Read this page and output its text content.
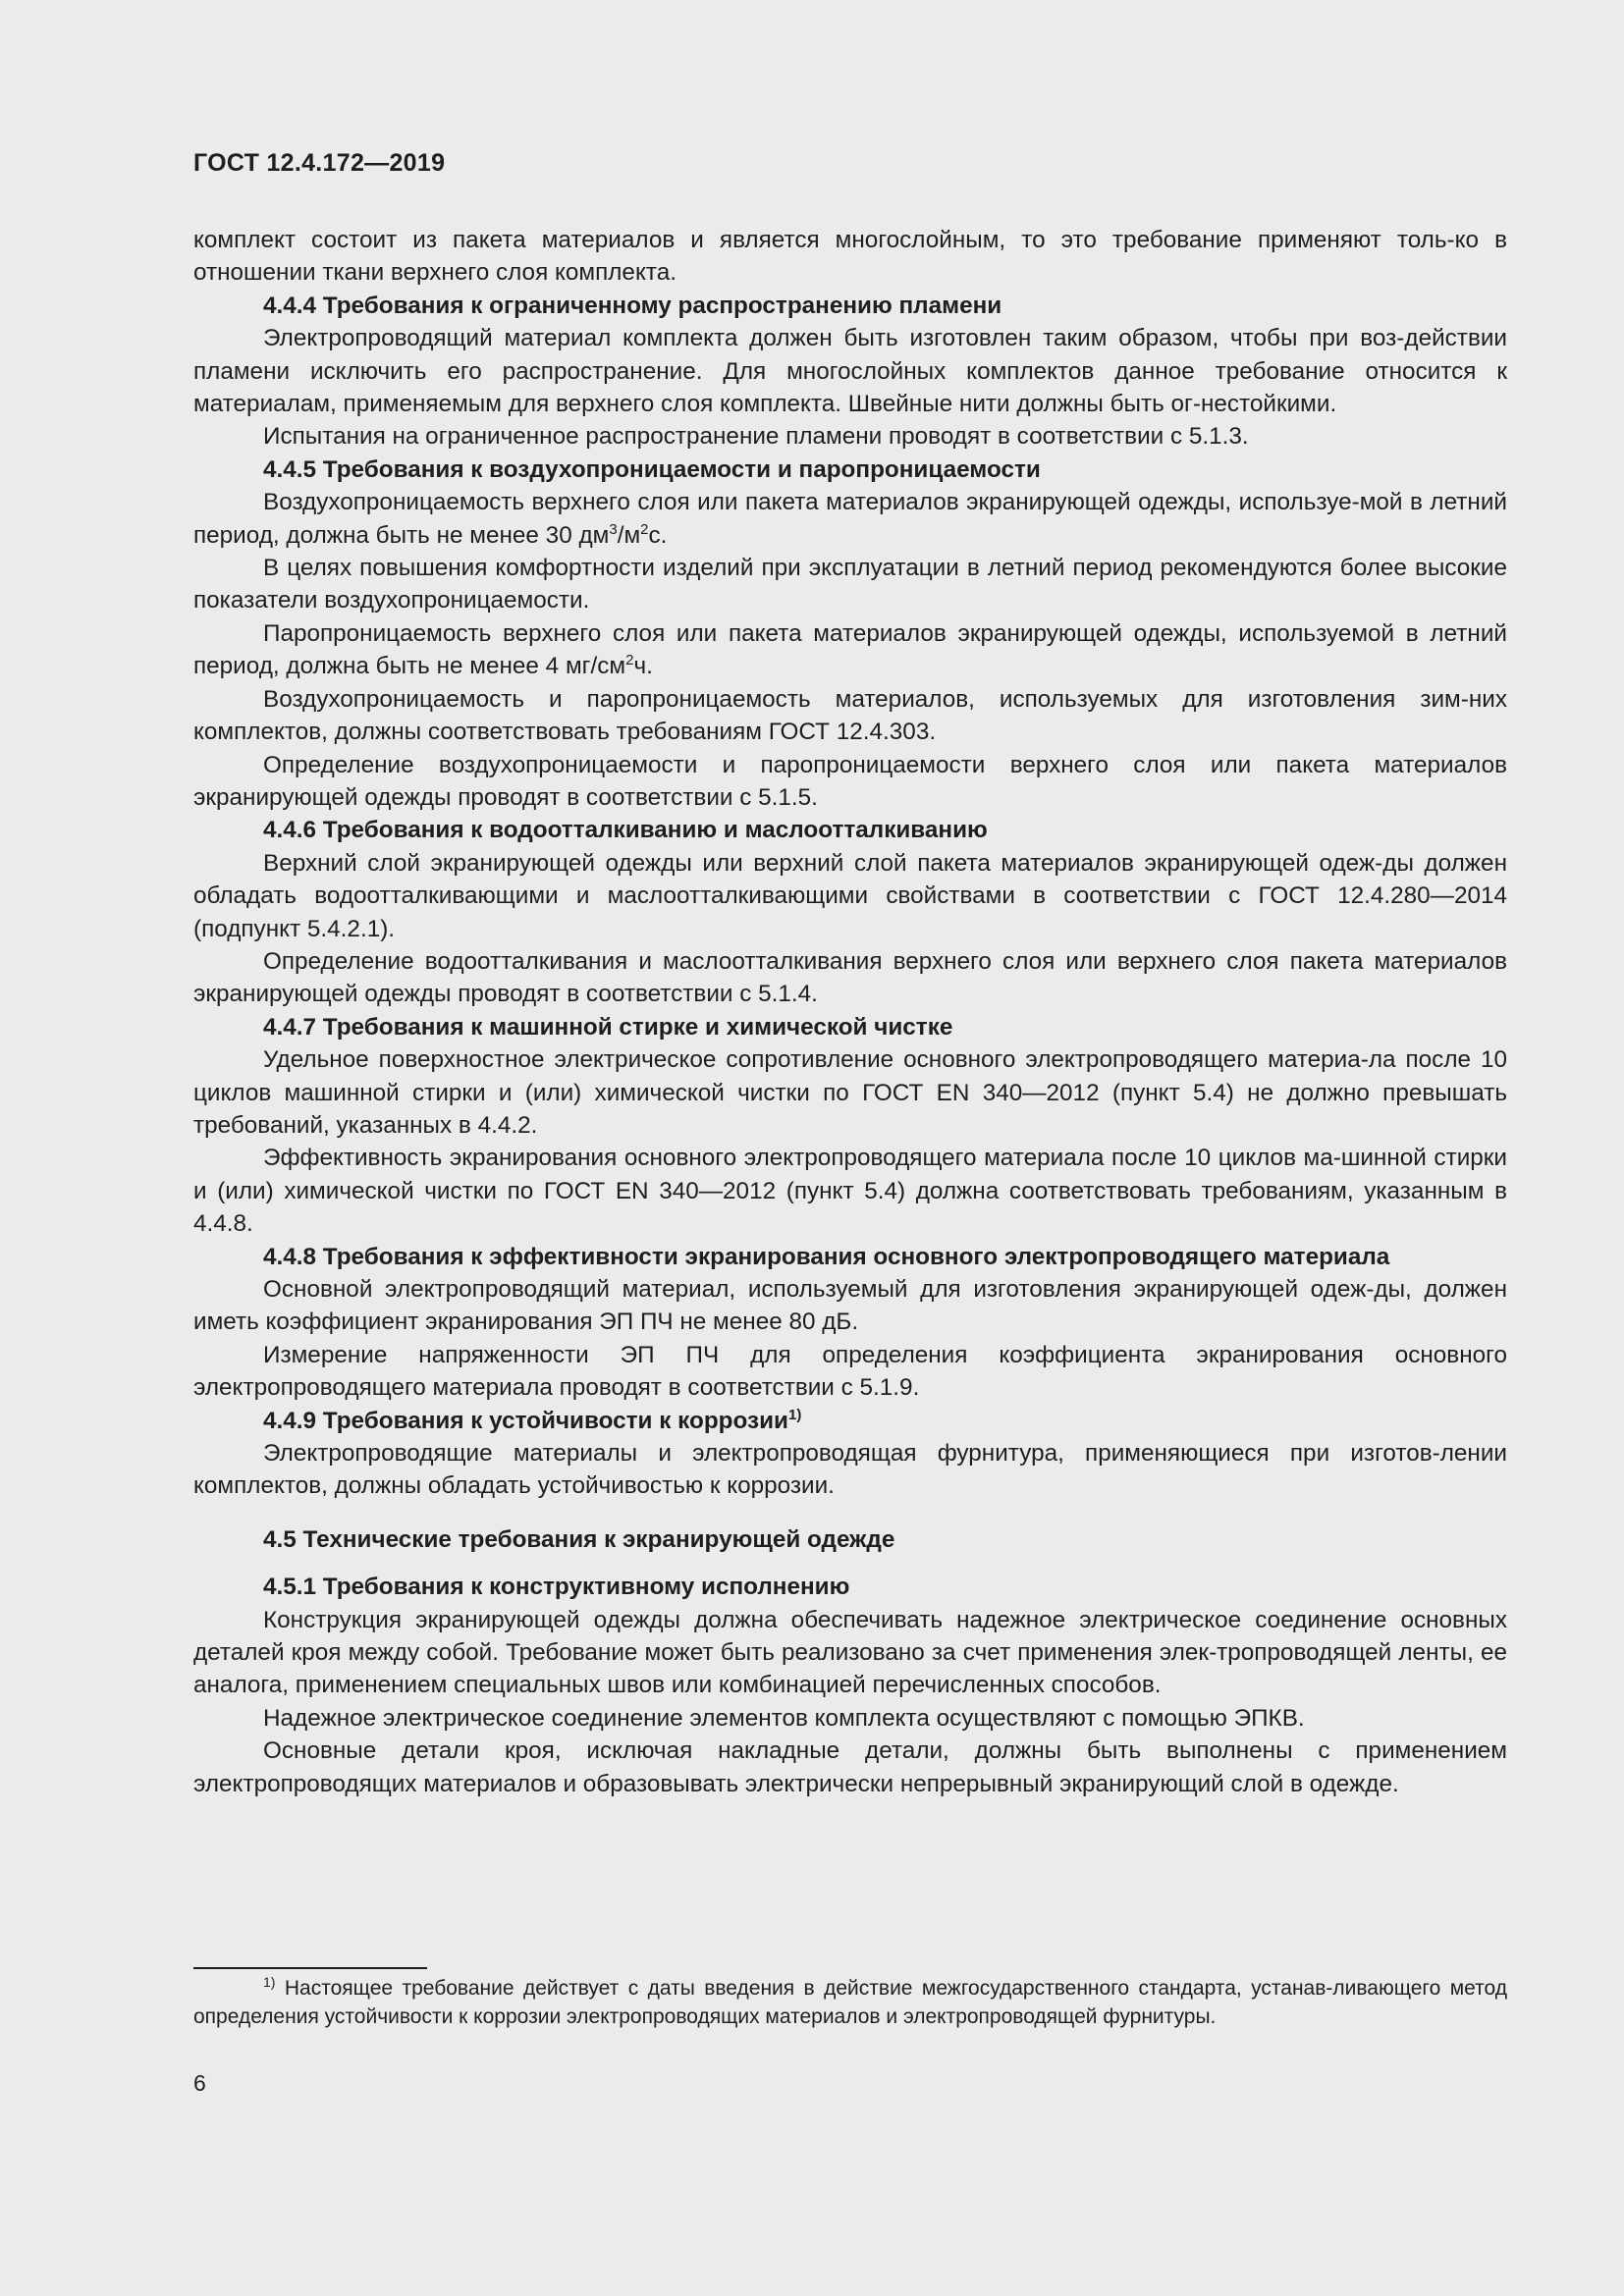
ГОСТ 12.4.172—2019

комплект состоит из пакета материалов и является многослойным, то это требование применяют толь-ко в отношении ткани верхнего слоя комплекта.

4.4.4 Требования к ограниченному распространению пламени

Электропроводящий материал комплекта должен быть изготовлен таким образом, чтобы при воз-действии пламени исключить его распространение. Для многослойных комплектов данное требование относится к материалам, применяемым для верхнего слоя комплекта. Швейные нити должны быть ог-нестойкими.

Испытания на ограниченное распространение пламени проводят в соответствии с 5.1.3.

4.4.5 Требования к воздухопроницаемости и паропроницаемости

Воздухопроницаемость верхнего слоя или пакета материалов экранирующей одежды, используе-мой в летний период, должна быть не менее 30 $дм^3/м^2с$.

В целях повышения комфортности изделий при эксплуатации в летний период рекомендуются более высокие показатели воздухопроницаемости.

Паропроницаемость верхнего слоя или пакета материалов экранирующей одежды, используемой в летний период, должна быть не менее 4 $мг/см^2ч$.

Воздухопроницаемость и паропроницаемость материалов, используемых для изготовления зим-них комплектов, должны соответствовать требованиям ГОСТ 12.4.303.

Определение воздухопроницаемости и паропроницаемости верхнего слоя или пакета материалов экранирующей одежды проводят в соответствии с 5.1.5.

4.4.6 Требования к водоотталкиванию и маслоотталкиванию

Верхний слой экранирующей одежды или верхний слой пакета материалов экранирующей одеж-ды должен обладать водоотталкивающими и маслоотталкивающими свойствами в соответствии с ГОСТ 12.4.280—2014 (подпункт 5.4.2.1).

Определение водоотталкивания и маслоотталкивания верхнего слоя или верхнего слоя пакета материалов экранирующей одежды проводят в соответствии с 5.1.4.

4.4.7 Требования к машинной стирке и химической чистке

Удельное поверхностное электрическое сопротивление основного электропроводящего материа-ла после 10 циклов машинной стирки и (или) химической чистки по ГОСТ EN 340—2012 (пункт 5.4) не должно превышать требований, указанных в 4.4.2.

Эффективность экранирования основного электропроводящего материала после 10 циклов ма-шинной стирки и (или) химической чистки по ГОСТ EN 340—2012 (пункт 5.4) должна соответствовать требованиям, указанным в 4.4.8.

4.4.8 Требования к эффективности экранирования основного электропроводящего материала

Основной электропроводящий материал, используемый для изготовления экранирующей одеж-ды, должен иметь коэффициент экранирования ЭП ПЧ не менее 80 дБ.

Измерение напряженности ЭП ПЧ для определения коэффициента экранирования основного электропроводящего материала проводят в соответствии с 5.1.9.

4.4.9 Требования к устойчивости к коррозии$^{1)}$

Электропроводящие материалы и электропроводящая фурнитура, применяющиеся при изготов-лении комплектов, должны обладать устойчивостью к коррозии.

4.5 Технические требования к экранирующей одежде

4.5.1 Требования к конструктивному исполнению

Конструкция экранирующей одежды должна обеспечивать надежное электрическое соединение основных деталей кроя между собой. Требование может быть реализовано за счет применения элек-тропроводящей ленты, ее аналога, применением специальных швов или комбинацией перечисленных способов.

Надежное электрическое соединение элементов комплекта осуществляют с помощью ЭПКВ.

Основные детали кроя, исключая накладные детали, должны быть выполнены с применением электропроводящих материалов и образовывать электрически непрерывный экранирующий слой в одежде.

$^{1)}$ Настоящее требование действует с даты введения в действие межгосударственного стандарта, устанав-ливающего метод определения устойчивости к коррозии электропроводящих материалов и электропроводящей фурнитуры.

6
